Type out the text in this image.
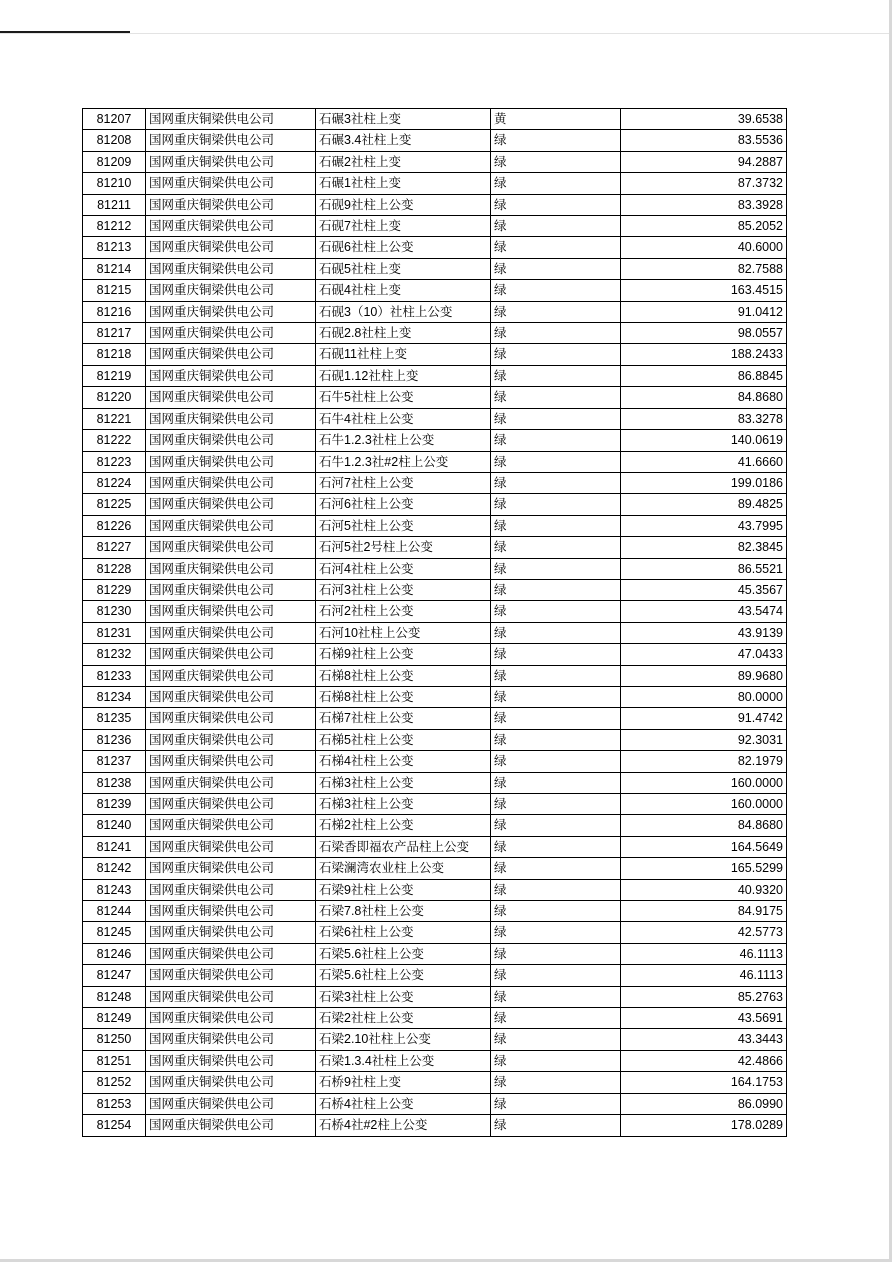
81207	国网重庆铜梁供电公司	石碾3社柱上变	黄	39.6538
81208	国网重庆铜梁供电公司	石碾3.4社柱上变	绿	83.5536
81209	国网重庆铜梁供电公司	石碾2社柱上变	绿	94.2887
81210	国网重庆铜梁供电公司	石碾1社柱上变	绿	87.3732
81211	国网重庆铜梁供电公司	石砚9社柱上公变	绿	83.3928
81212	国网重庆铜梁供电公司	石砚7社柱上变	绿	85.2052
81213	国网重庆铜梁供电公司	石砚6社柱上公变	绿	40.6000
81214	国网重庆铜梁供电公司	石砚5社柱上变	绿	82.7588
81215	国网重庆铜梁供电公司	石砚4社柱上变	绿	163.4515
81216	国网重庆铜梁供电公司	石砚3（10）社柱上公变	绿	91.0412
81217	国网重庆铜梁供电公司	石砚2.8社柱上变	绿	98.0557
81218	国网重庆铜梁供电公司	石砚11社柱上变	绿	188.2433
81219	国网重庆铜梁供电公司	石砚1.12社柱上变	绿	86.8845
81220	国网重庆铜梁供电公司	石牛5社柱上公变	绿	84.8680
81221	国网重庆铜梁供电公司	石牛4社柱上公变	绿	83.3278
81222	国网重庆铜梁供电公司	石牛1.2.3社柱上公变	绿	140.0619
81223	国网重庆铜梁供电公司	石牛1.2.3社#2柱上公变	绿	41.6660
81224	国网重庆铜梁供电公司	石河7社柱上公变	绿	199.0186
81225	国网重庆铜梁供电公司	石河6社柱上公变	绿	89.4825
81226	国网重庆铜梁供电公司	石河5社柱上公变	绿	43.7995
81227	国网重庆铜梁供电公司	石河5社2号柱上公变	绿	82.3845
81228	国网重庆铜梁供电公司	石河4社柱上公变	绿	86.5521
81229	国网重庆铜梁供电公司	石河3社柱上公变	绿	45.3567
81230	国网重庆铜梁供电公司	石河2社柱上公变	绿	43.5474
81231	国网重庆铜梁供电公司	石河10社柱上公变	绿	43.9139
81232	国网重庆铜梁供电公司	石梯9社柱上公变	绿	47.0433
81233	国网重庆铜梁供电公司	石梯8社柱上公变	绿	89.9680
81234	国网重庆铜梁供电公司	石梯8社柱上公变	绿	80.0000
81235	国网重庆铜梁供电公司	石梯7社柱上公变	绿	91.4742
81236	国网重庆铜梁供电公司	石梯5社柱上公变	绿	92.3031
81237	国网重庆铜梁供电公司	石梯4社柱上公变	绿	82.1979
81238	国网重庆铜梁供电公司	石梯3社柱上公变	绿	160.0000
81239	国网重庆铜梁供电公司	石梯3社柱上公变	绿	160.0000
81240	国网重庆铜梁供电公司	石梯2社柱上公变	绿	84.8680
81241	国网重庆铜梁供电公司	石梁香即福农产品柱上公变	绿	164.5649
81242	国网重庆铜梁供电公司	石梁澜湾农业柱上公变	绿	165.5299
81243	国网重庆铜梁供电公司	石梁9社柱上公变	绿	40.9320
81244	国网重庆铜梁供电公司	石梁7.8社柱上公变	绿	84.9175
81245	国网重庆铜梁供电公司	石梁6社柱上公变	绿	42.5773
81246	国网重庆铜梁供电公司	石梁5.6社柱上公变	绿	46.1113
81247	国网重庆铜梁供电公司	石梁5.6社柱上公变	绿	46.1113
81248	国网重庆铜梁供电公司	石梁3社柱上公变	绿	85.2763
81249	国网重庆铜梁供电公司	石梁2社柱上公变	绿	43.5691
81250	国网重庆铜梁供电公司	石梁2.10社柱上公变	绿	43.3443
81251	国网重庆铜梁供电公司	石梁1.3.4社柱上公变	绿	42.4866
81252	国网重庆铜梁供电公司	石桥9社柱上变	绿	164.1753
81253	国网重庆铜梁供电公司	石桥4社柱上公变	绿	86.0990
81254	国网重庆铜梁供电公司	石桥4社#2柱上公变	绿	178.0289
